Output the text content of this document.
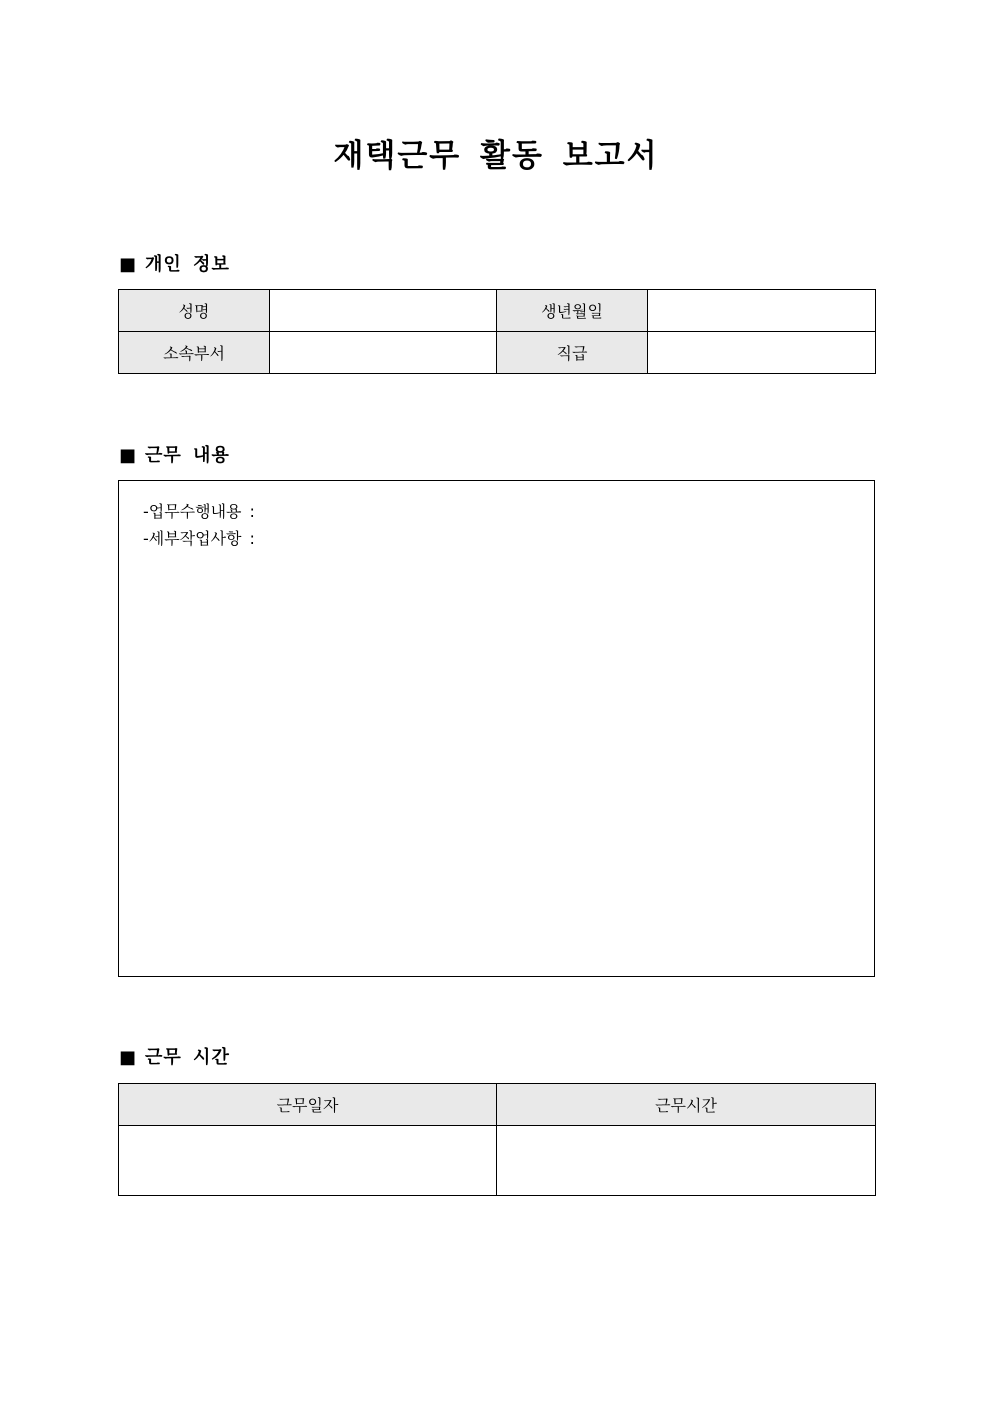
재택근무 활동 보고서
■ 개인 정보
성명		생년월일	
소속부서		직급	
■ 근무 내용
-업무수행내용 :
-세부작업사항 :
■ 근무 시간
근무일자	근무시간
